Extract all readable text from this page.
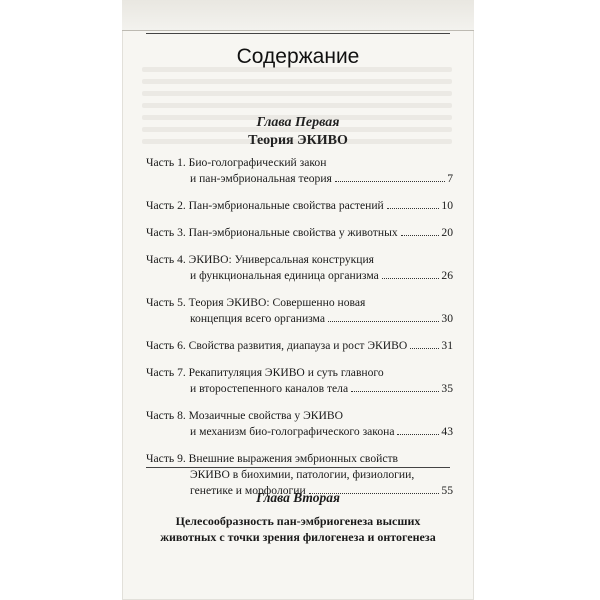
Содержание
Глава Первая
Теория ЭКИВО
Часть 1. Био-голографический закон
и пан-эмбриональная теория	7
Часть 2. Пан-эмбриональные свойства растений	10
Часть 3. Пан-эмбриональные свойства у животных	20
Часть 4. ЭКИВО: Универсальная конструкция
и функциональная единица организма	26
Часть 5. Теория ЭКИВО: Совершенно новая
концепция всего организма	30
Часть 6. Свойства развития, диапауза и рост ЭКИВО	31
Часть 7. Рекапитуляция ЭКИВО и суть главного
и второстепенного каналов тела	35
Часть 8. Мозаичные свойства у ЭКИВО
и механизм био-голографического закона	43
Часть 9. Внешние выражения эмбрионных свойств
ЭКИВО в биохимии, патологии, физиологии,
генетике и морфологии	55
Глава Вторая
Целесообразность пан-эмбриогенеза высших
животных с точки зрения филогенеза и онтогенеза
